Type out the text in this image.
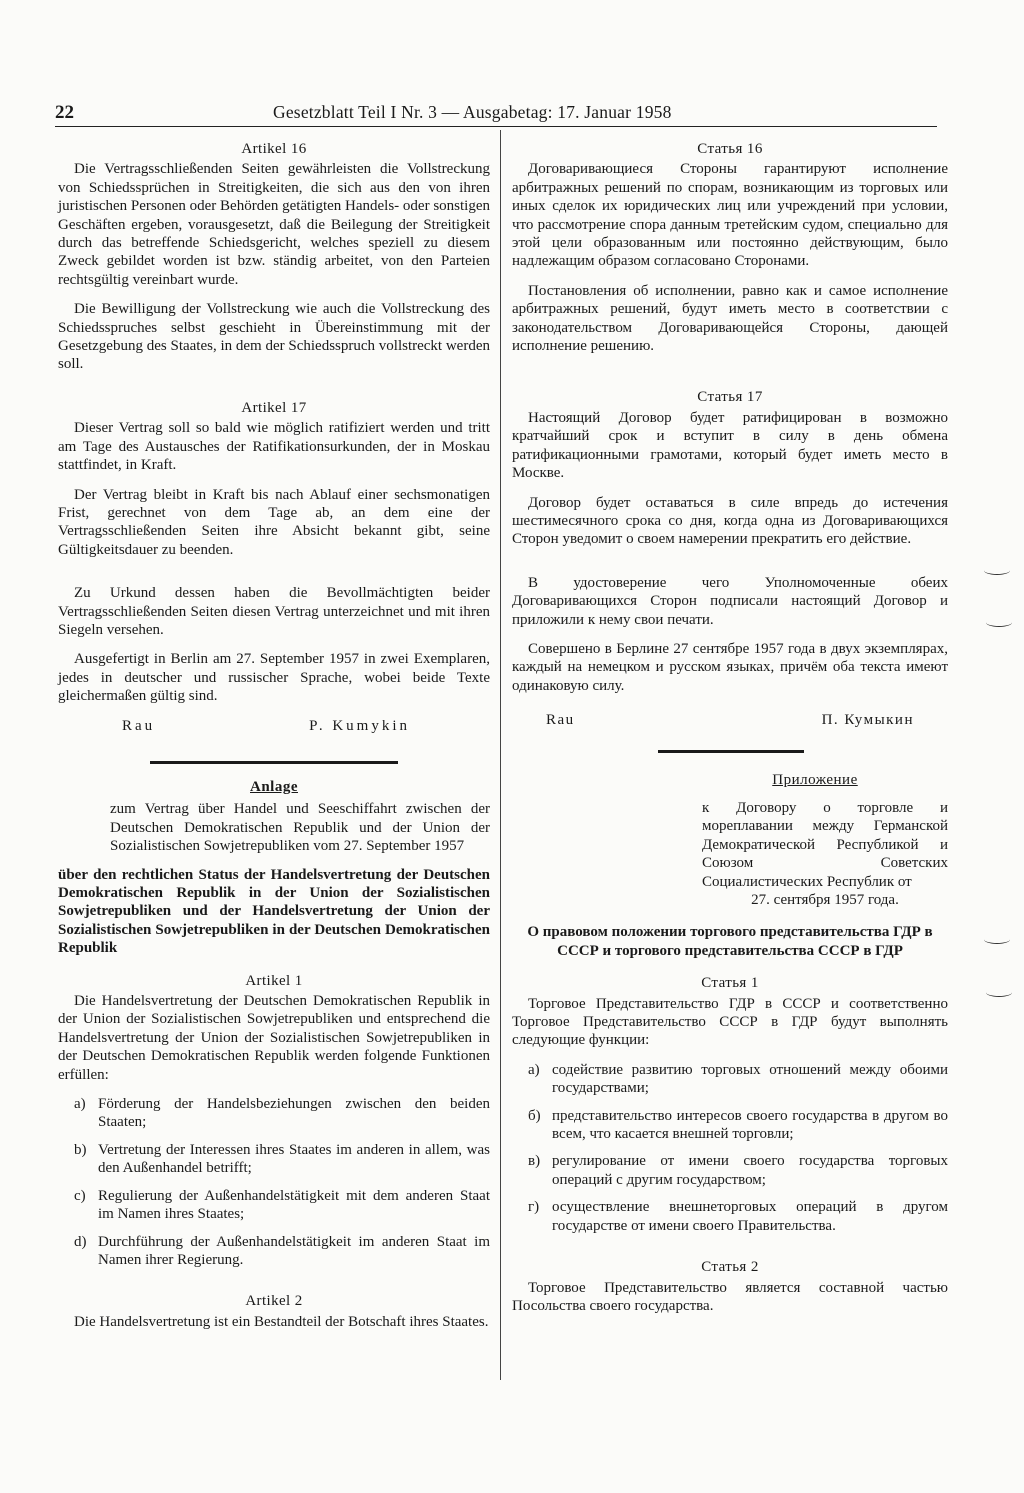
22	Gesetzblatt Teil I Nr. 3 — Ausgabetag: 17. Januar 1958
Artikel 16

Die Vertragsschließenden Seiten gewährleisten die Vollstreckung von Schiedssprüchen in Streitigkeiten, die sich aus den von ihren juristischen Personen oder Behörden getätigten Handels- oder sonstigen Geschäften ergeben, vorausgesetzt, daß die Beilegung der Streitigkeit durch das betreffende Schiedsgericht, welches speziell zu diesem Zweck gebildet worden ist bzw. ständig arbeitet, von den Parteien rechtsgültig vereinbart wurde.

Die Bewilligung der Vollstreckung wie auch die Vollstreckung des Schiedsspruches selbst geschieht in Übereinstimmung mit der Gesetzgebung des Staates, in dem der Schiedsspruch vollstreckt werden soll.

Artikel 17

Dieser Vertrag soll so bald wie möglich ratifiziert werden und tritt am Tage des Austausches der Ratifikationsurkunden, der in Moskau stattfindet, in Kraft.

Der Vertrag bleibt in Kraft bis nach Ablauf einer sechsmonatigen Frist, gerechnet von dem Tage ab, an dem eine der Vertragsschließenden Seiten ihre Absicht bekannt gibt, seine Gültigkeitsdauer zu beenden.

Zu Urkund dessen haben die Bevollmächtigten beider Vertragsschließenden Seiten diesen Vertrag unterzeichnet und mit ihren Siegeln versehen.

Ausgefertigt in Berlin am 27. September 1957 in zwei Exemplaren, jedes in deutscher und russischer Sprache, wobei beide Texte gleichermaßen gültig sind.

Rau	P. Kumykin
Anlage
zum Vertrag über Handel und Seeschiffahrt zwischen der Deutschen Demokratischen Republik und der Union der Sozialistischen Sowjetrepubliken vom 27. September 1957
über den rechtlichen Status der Handelsvertretung der Deutschen Demokratischen Republik in der Union der Sozialistischen Sowjetrepubliken und der Handelsvertretung der Union der Sozialistischen Sowjetrepubliken in der Deutschen Demokratischen Republik
Artikel 1

Die Handelsvertretung der Deutschen Demokratischen Republik in der Union der Sozialistischen Sowjetrepubliken und entsprechend die Handelsvertretung der Union der Sozialistischen Sowjetrepubliken in der Deutschen Demokratischen Republik werden folgende Funktionen erfüllen:

a) Förderung der Handelsbeziehungen zwischen den beiden Staaten;
b) Vertretung der Interessen ihres Staates im anderen in allem, was den Außenhandel betrifft;
c) Regulierung der Außenhandelstätigkeit mit dem anderen Staat im Namen ihres Staates;
d) Durchführung der Außenhandelstätigkeit im anderen Staat im Namen ihrer Regierung.
Artikel 2

Die Handelsvertretung ist ein Bestandteil der Botschaft ihres Staates.

Статья 16

Договаривающиеся Стороны гарантируют исполнение арбитражных решений по спорам, возникающим из торговых или иных сделок их юридических лиц или учреждений при условии, что рассмотрение спора данным третейским судом, специально для этой цели образованным или постоянно действующим, было надлежащим образом согласовано Сторонами.

Постановления об исполнении, равно как и самое исполнение арбитражных решений, будут иметь место в соответствии с законодательством Договаривающейся Стороны, дающей исполнение решению.

Статья 17

Настоящий Договор будет ратифицирован в возможно кратчайший срок и вступит в силу в день обмена ратификационными грамотами, который будет иметь место в Москве.

Договор будет оставаться в силе впредь до истечения шестимесячного срока со дня, когда одна из Договаривающихся Сторон уведомит о своем намерении прекратить его действие.

В удостоверение чего Уполномоченные обеих Договаривающихся Сторон подписали настоящий Договор и приложили к нему свои печати.

Совершено в Берлине 27 сентябре 1957 года в двух экземплярах, каждый на немецком и русском языках, причём оба текста имеют одинаковую силу.

Rau	П. Кумыкин
Приложение
к Договору о торговле и мореплавании между Германской Демократической Республикой и Союзом Советских Социалистических Республик от
27. сентября 1957 года.
О правовом положении торгового представительства ГДР в СССР и торгового представительства СССР в ГДР
Статья 1

Торговое Представительство ГДР в СССР и соответственно Торговое Представительство СССР в ГДР будут выполнять следующие функции:

а) содействие развитию торговых отношений между обоими государствами;
б) представительство интересов своего государства в другом во всем, что касается внешней торговли;
в) регулирование от имени своего государства торговых операций с другим государством;
г) осуществление внешнеторговых операций в другом государстве от имени своего Правительства.
Статья 2

Торговое Представительство является составной частью Посольства своего государства.
